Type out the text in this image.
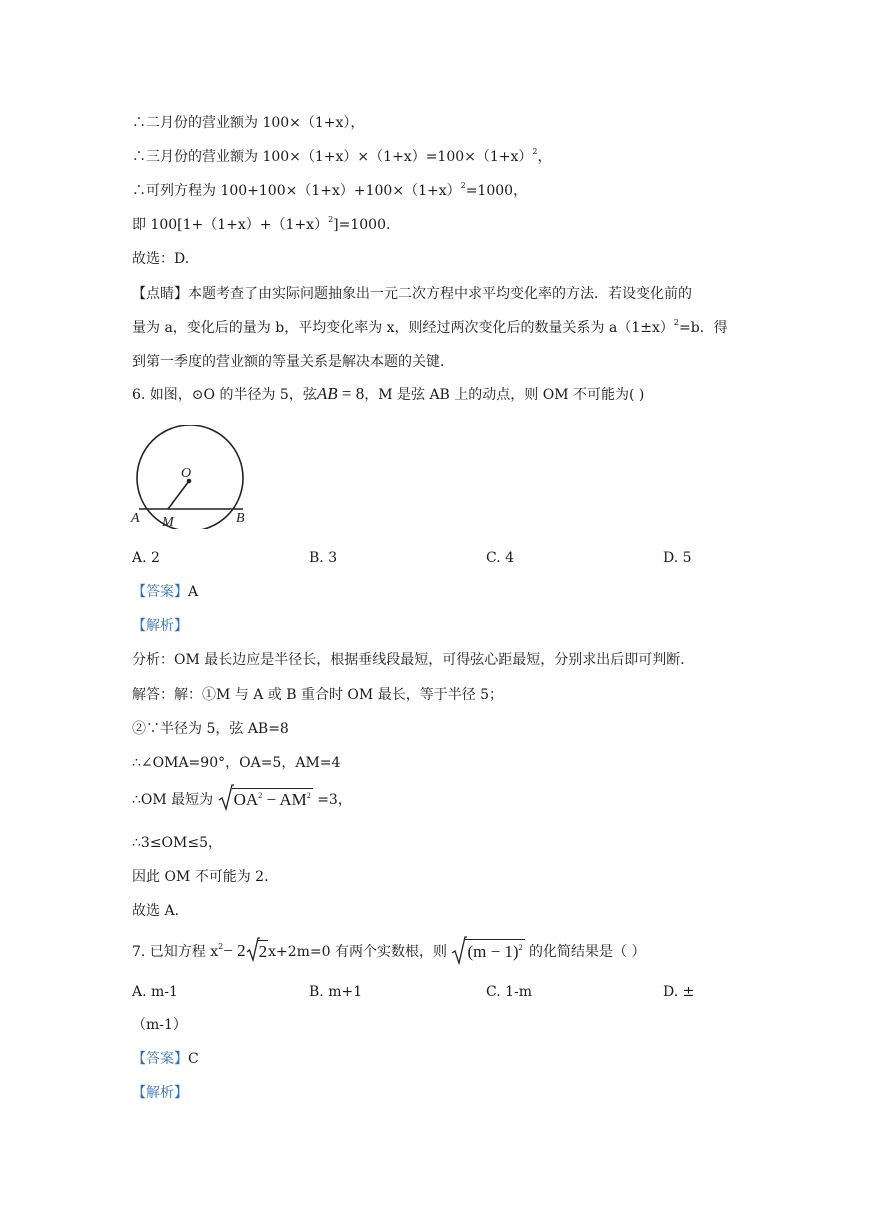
∴二月份的营业额为 100×（1+x），
∴三月份的营业额为 $100\times(1+x)\times(1+x)=100\times(1+x)^2$，
∴可列方程为 $100+100\times(1+x)+100\times(1+x)^2=1000$，
即 $100[1+(1+x)+(1+x)^2]=1000$.
故选：D.
【点睛】本题考查了由实际问题抽象出一元二次方程中求平均变化率的方法．若设变化前的
量为 a，变化后的量为 b，平均变化率为 x，则经过两次变化后的数量关系为 $a(1\pm x)^2=b$．得
到第一季度的营业额的等量关系是解决本题的关键．
6. 如图，⊙O 的半径为 5，弦AB = 8，M 是弦 AB 上的动点，则 OM 不可能为( )
O
A M	B
A. 2	B. 3	C. 4	D. 5
【答案】A
【解析】
分析：OM 最长边应是半径长，根据垂线段最短，可得弦心距最短，分别求出后即可判断．
解答：解：①M 与 A 或 B 重合时 OM 最长，等于半径 5；
②∵半径为 5，弦 AB=8
∴∠OMA=90°，OA=5，AM=4
∴OM 最短为 $OA^2 - AM^2 =3$，
∴3≤OM≤5，
因此 OM 不可能为 2．
故选 A.
7. 已知方程 $x^2- 2$ 2x+2m=0 有两个实数根，则 $(m - 1)^2$ 的化简结果是（ ）
A. m-1	B. m+1	C. 1-m	D. ±
（m-1）
【答案】C
【解析】
